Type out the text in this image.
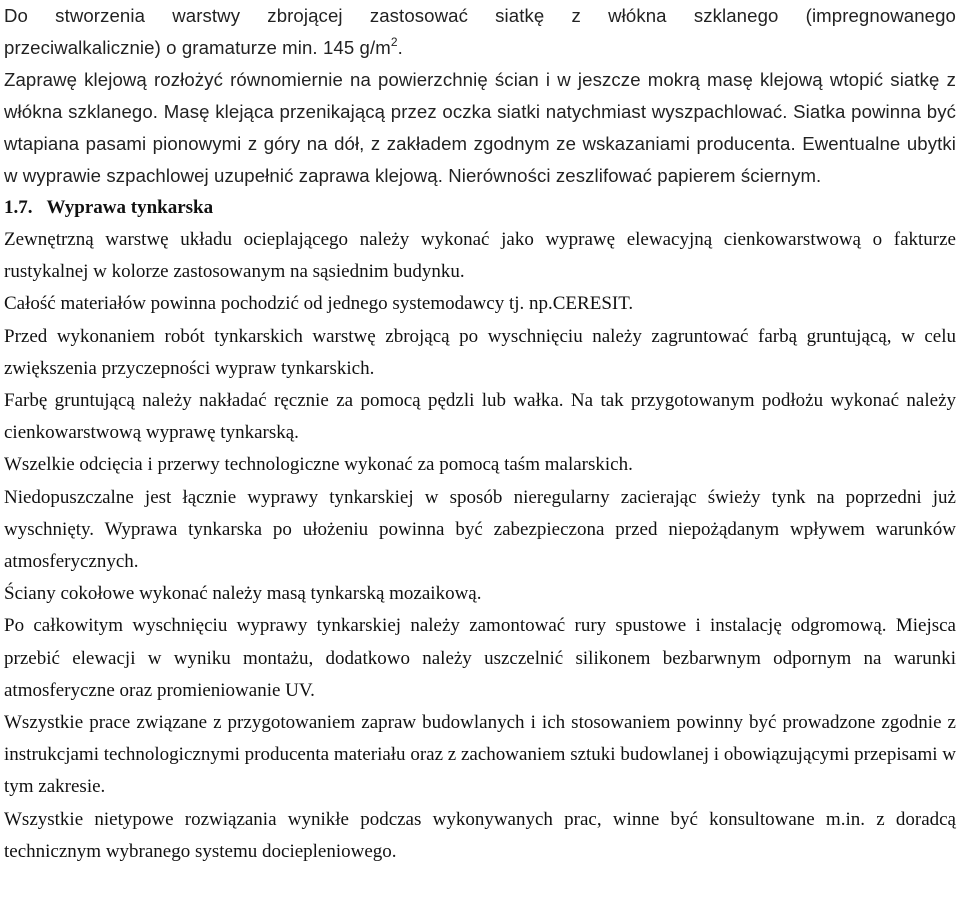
Do stworzenia warstwy zbrojącej zastosować siatkę z włókna szklanego (impregnowanego
przeciwalkalicznie) o gramaturze min. 145 $g/m^2$.
Zaprawę klejową rozłożyć równomiernie na powierzchnię ścian i w jeszcze mokrą masę klejową wtopić siatkę z włókna szklanego. Masę klejąca przenikającą przez oczka siatki natychmiast wyszpachlować. Siatka powinna być wtapiana pasami pionowymi z góry na dół, z zakładem zgodnym ze wskazaniami producenta. Ewentualne ubytki w wyprawie szpachlowej uzupełnić zaprawa klejową. Nierówności zeszlifować papierem ściernym.
1.7. Wyprawa tynkarska
Zewnętrzną warstwę układu ocieplającego należy wykonać jako wyprawę elewacyjną cienkowarstwową o fakturze rustykalnej w kolorze zastosowanym na sąsiednim budynku.
Całość materiałów powinna pochodzić od jednego systemodawcy tj. np.CERESIT.
Przed wykonaniem robót tynkarskich warstwę zbrojącą po wyschnięciu należy zagruntować farbą gruntującą, w celu zwiększenia przyczepności wypraw tynkarskich.
Farbę gruntującą należy nakładać ręcznie za pomocą pędzli lub wałka. Na tak przygotowanym podłożu wykonać należy cienkowarstwową wyprawę tynkarską.
Wszelkie odcięcia i przerwy technologiczne wykonać za pomocą taśm malarskich.
Niedopuszczalne jest łącznie wyprawy tynkarskiej w sposób nieregularny zacierając świeży tynk na poprzedni już wyschnięty. Wyprawa tynkarska po ułożeniu powinna być zabezpieczona przed niepożądanym wpływem warunków atmosferycznych.
Ściany cokołowe wykonać należy masą tynkarską mozaikową.
Po całkowitym wyschnięciu wyprawy tynkarskiej należy zamontować rury spustowe i instalację odgromową. Miejsca przebić elewacji w wyniku montażu, dodatkowo należy uszczelnić silikonem bezbarwnym odpornym na warunki atmosferyczne oraz promieniowanie UV.
Wszystkie prace związane z przygotowaniem zapraw budowlanych i ich stosowaniem powinny być prowadzone zgodnie z instrukcjami technologicznymi producenta materiału oraz z zachowaniem sztuki budowlanej i obowiązującymi przepisami w tym zakresie.
Wszystkie nietypowe rozwiązania wynikłe podczas wykonywanych prac, winne być konsultowane m.in. z doradcą technicznym wybranego systemu docieplenioweg​o.
